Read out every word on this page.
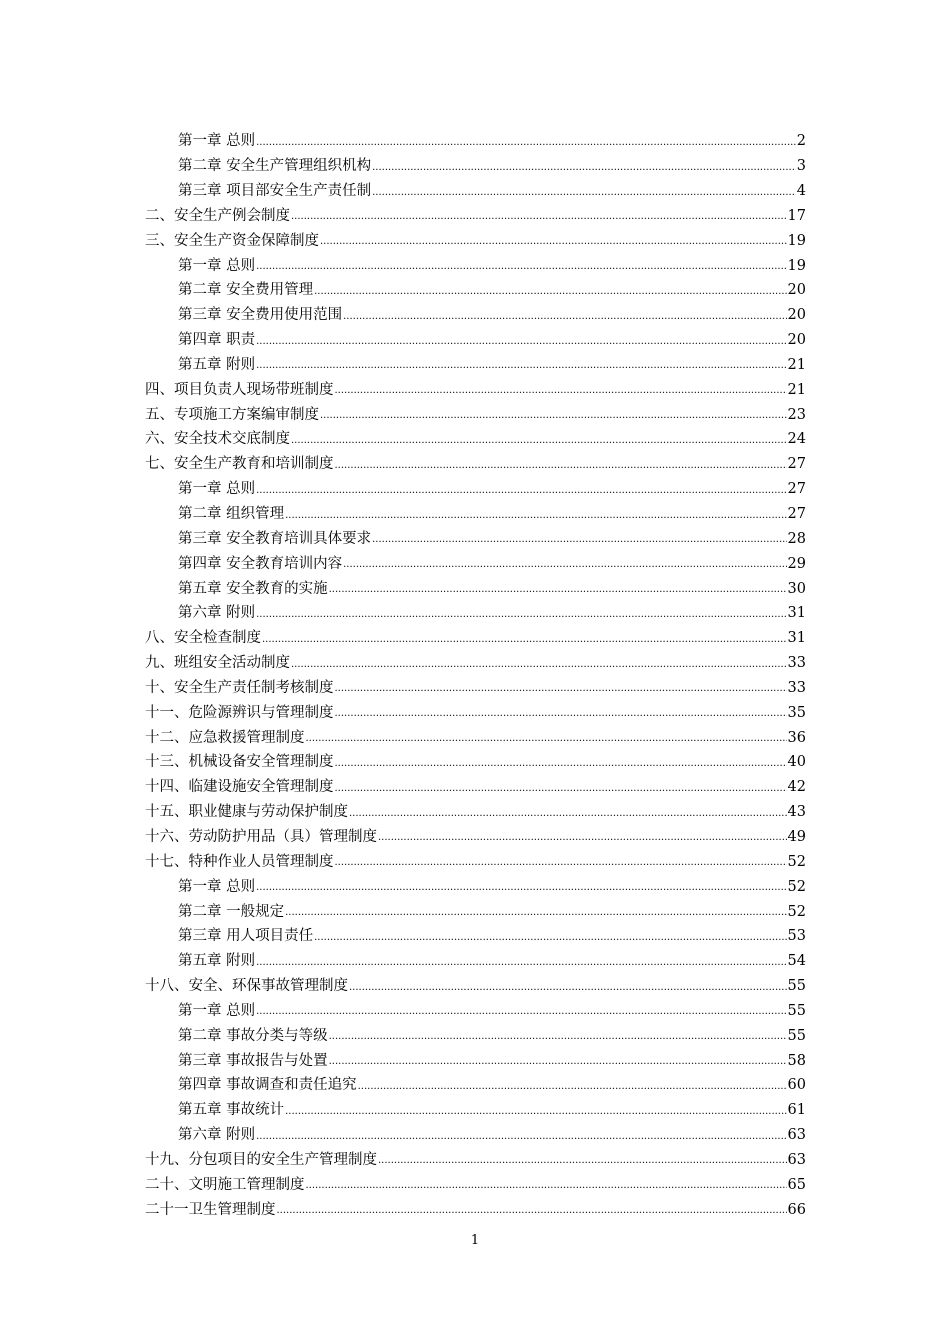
第一章 总则 .....	2
第二章 安全生产管理组织机构 .....	3
第三章 项目部安全生产责任制 .....	4
二、安全生产例会制度 .....	17
三、安全生产资金保障制度 .....	19
第一章 总则 .....	19
第二章 安全费用管理 .....	20
第三章 安全费用使用范围 .....	20
第四章 职责 .....	20
第五章 附则 .....	21
四、项目负责人现场带班制度 .....	21
五、专项施工方案编审制度 .....	23
六、安全技术交底制度 .....	24
七、安全生产教育和培训制度 .....	27
第一章 总则 .....	27
第二章 组织管理 .....	27
第三章 安全教育培训具体要求 .....	28
第四章 安全教育培训内容 .....	29
第五章 安全教育的实施 .....	30
第六章 附则 .....	31
八、安全检查制度 .....	31
九、班组安全活动制度 .....	33
十、安全生产责任制考核制度 .....	33
十一、危险源辨识与管理制度 .....	35
十二、应急救援管理制度 .....	36
十三、机械设备安全管理制度 .....	40
十四、临建设施安全管理制度 .....	42
十五、职业健康与劳动保护制度 .....	43
十六、劳动防护用品（具）管理制度 .....	49
十七、特种作业人员管理制度 .....	52
第一章 总则 .....	52
第二章 一般规定 .....	52
第三章 用人项目责任 .....	53
第五章 附则 .....	54
十八、安全、环保事故管理制度 .....	55
第一章 总则 .....	55
第二章 事故分类与等级 .....	55
第三章 事故报告与处置 .....	58
第四章 事故调查和责任追究 .....	60
第五章 事故统计 .....	61
第六章 附则 .....	63
十九、分包项目的安全生产管理制度 .....	63
二十、文明施工管理制度 .....	65
二十一卫生管理制度 .....	66
1
